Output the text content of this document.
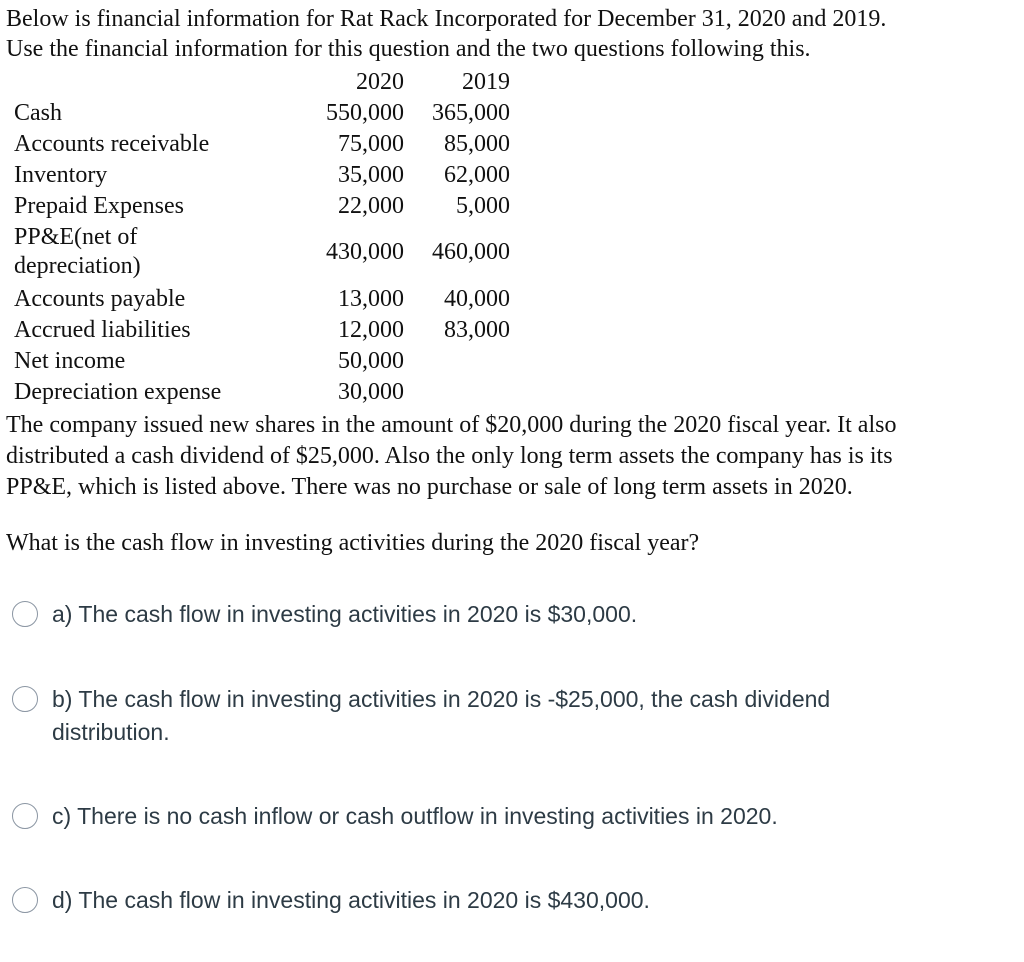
Below is financial information for Rat Rack Incorporated for December 31, 2020 and 2019.
Use the financial information for this question and the two questions following this.
	2020	2019
Cash	550,000	365,000
Accounts receivable	75,000	85,000
Inventory	35,000	62,000
Prepaid Expenses	22,000	5,000
PP&E(net of
depreciation)	430,000	460,000
Accounts payable	13,000	40,000
Accrued liabilities	12,000	83,000
Net income	50,000	
Depreciation expense	30,000	
The company issued new shares in the amount of $20,000 during the 2020 fiscal year. It also
distributed a cash dividend of $25,000. Also the only long term assets the company has is its
PP&E, which is listed above. There was no purchase or sale of long term assets in 2020.
What is the cash flow in investing activities during the 2020 fiscal year?
a) The cash flow in investing activities in 2020 is $30,000.
b) The cash flow in investing activities in 2020 is -$25,000, the cash dividend distribution.
c) There is no cash inflow or cash outflow in investing activities in 2020.
d) The cash flow in investing activities in 2020 is $430,000.
